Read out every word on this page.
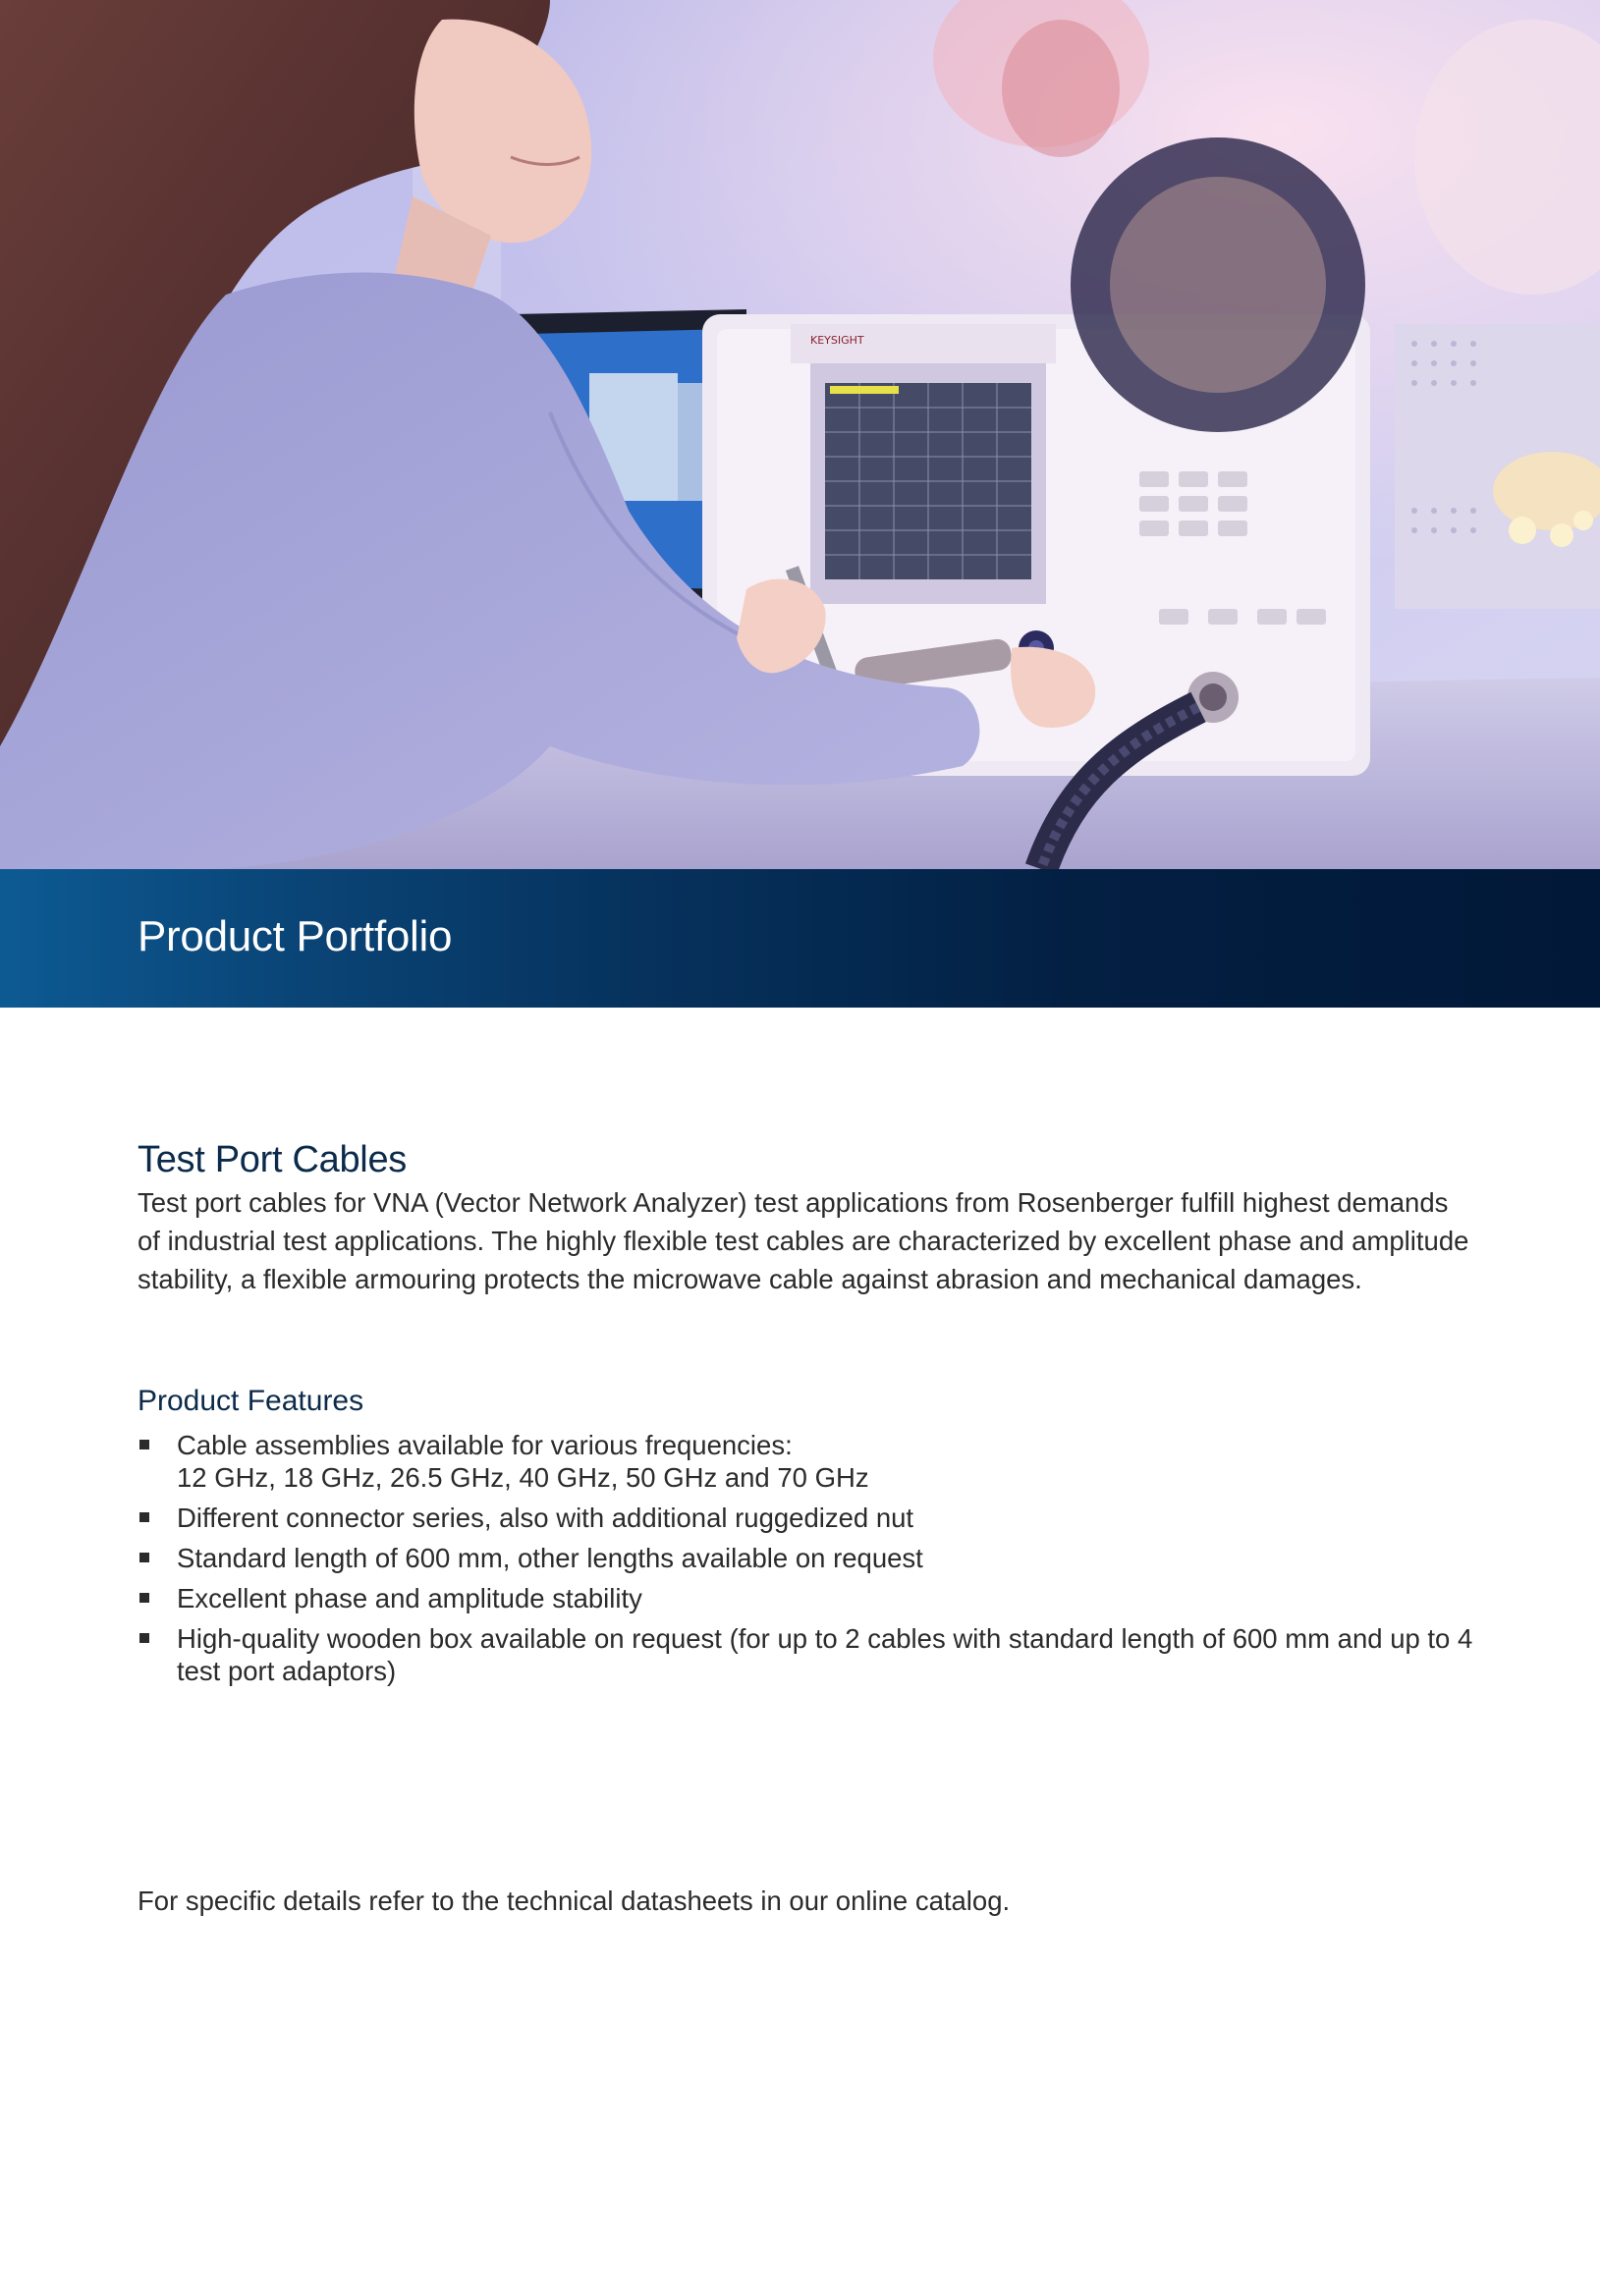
KEYSIGHT
Product Portfolio
Test Port Cables

Test port cables for VNA (Vector Network Analyzer) test applications from Rosenberger fulfill highest demands of industrial test applications. The highly flexible test cables are characterized by excellent phase and amplitude stability, a flexible armouring protects the microwave cable against abrasion and mechanical damages.

Product Features
Cable assemblies available for various frequencies:
12 GHz, 18 GHz, 26.5 GHz, 40 GHz, 50 GHz and 70 GHz
Different connector series, also with additional ruggedized nut
Standard length of 600 mm, other lengths available on request
Excellent phase and amplitude stability
High-quality wooden box available on request (for up to 2 cables with standard length of 600 mm and up to 4 test port adaptors)
For specific details refer to the technical datasheets in our online catalog.
